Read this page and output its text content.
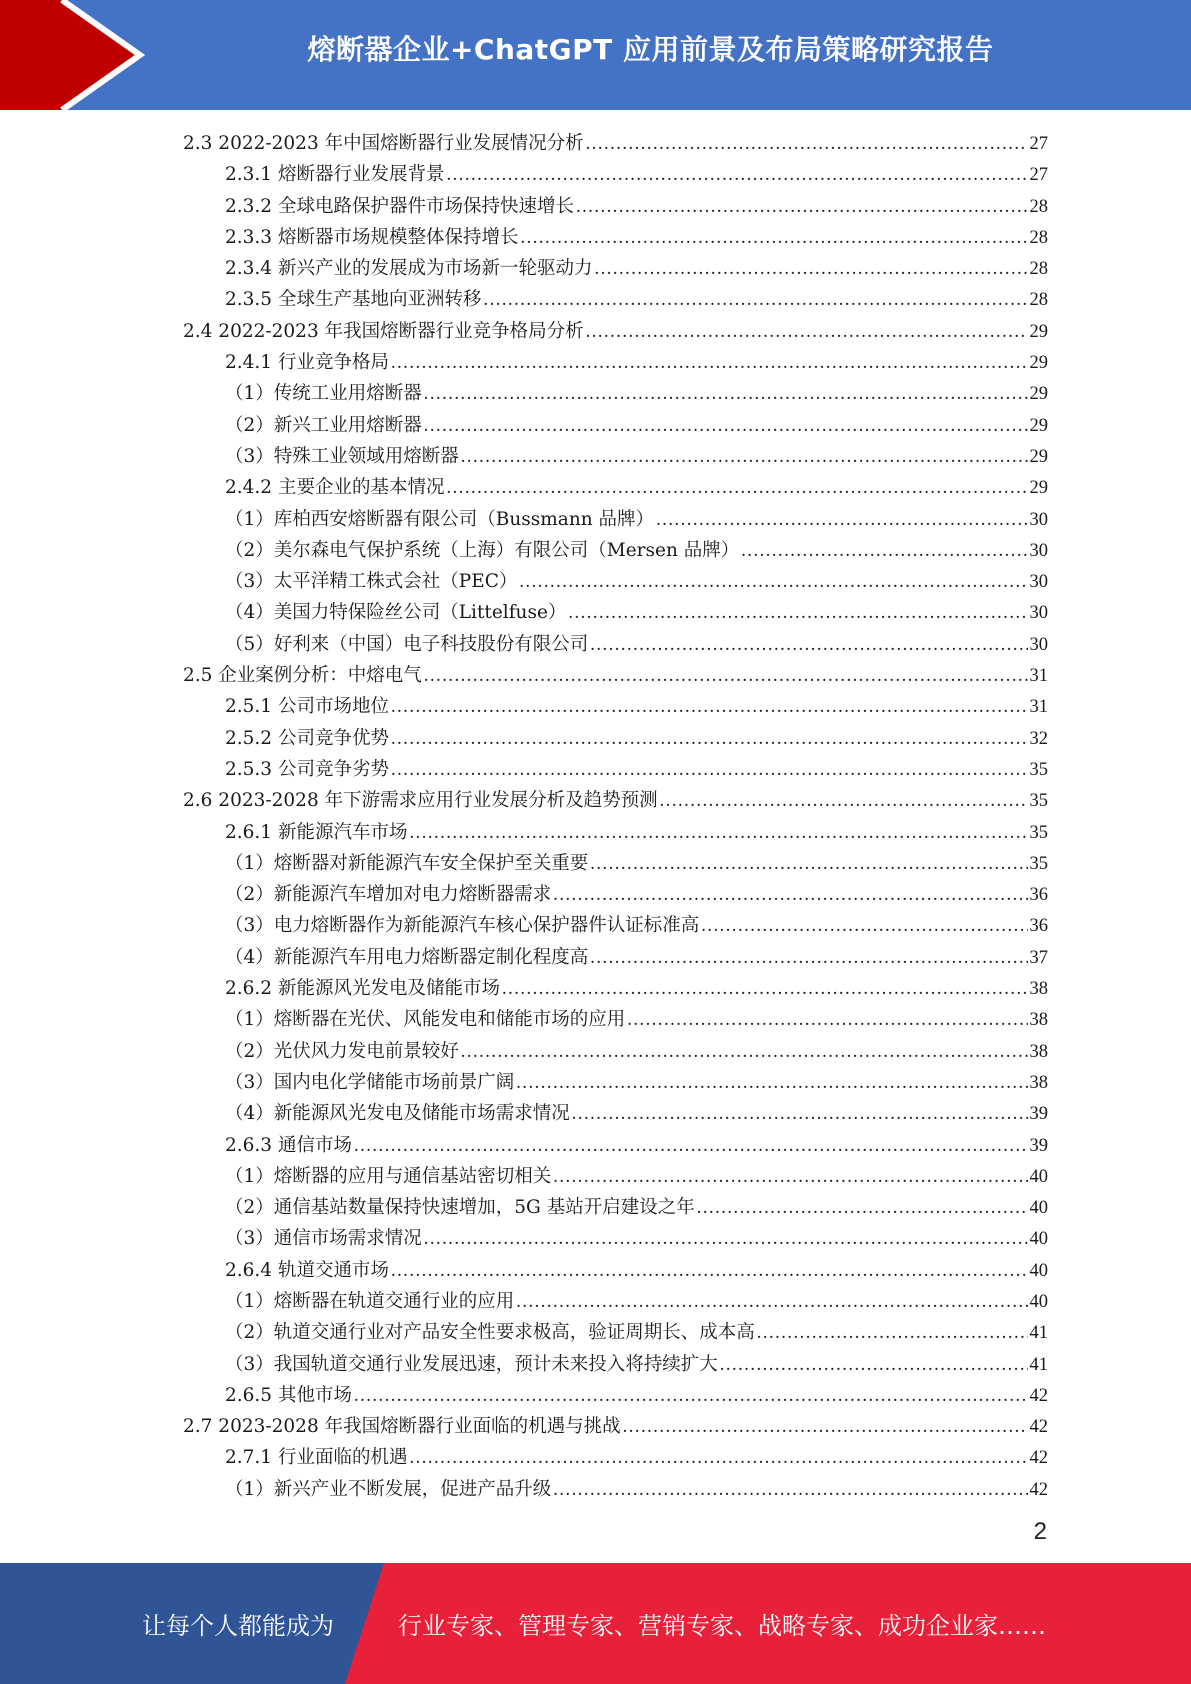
熔断器企业+ChatGPT 应用前景及布局策略研究报告
2.3 2022-2023 年中国熔断器行业发展情况分析 .....	27
2.3.1 熔断器行业发展背景 .....	27
2.3.2 全球电路保护器件市场保持快速增长 .....	28
2.3.3 熔断器市场规模整体保持增长 .....	28
2.3.4 新兴产业的发展成为市场新一轮驱动力 .....	28
2.3.5 全球生产基地向亚洲转移 .....	28
2.4 2022-2023 年我国熔断器行业竞争格局分析 .....	29
2.4.1 行业竞争格局 .....	29
（1）传统工业用熔断器 .....	29
（2）新兴工业用熔断器 .....	29
（3）特殊工业领域用熔断器 .....	29
2.4.2 主要企业的基本情况 .....	29
（1）库柏西安熔断器有限公司（Bussmann 品牌） .....	30
（2）美尔森电气保护系统（上海）有限公司（Mersen 品牌） .....	30
（3）太平洋精工株式会社（PEC） .....	30
（4）美国力特保险丝公司（Littelfuse） .....	30
（5）好利来（中国）电子科技股份有限公司 .....	30
2.5 企业案例分析：中熔电气 .....	31
2.5.1 公司市场地位 .....	31
2.5.2 公司竞争优势 .....	32
2.5.3 公司竞争劣势 .....	35
2.6 2023-2028 年下游需求应用行业发展分析及趋势预测 .....	35
2.6.1 新能源汽车市场 .....	35
（1）熔断器对新能源汽车安全保护至关重要 .....	35
（2）新能源汽车增加对电力熔断器需求 .....	36
（3）电力熔断器作为新能源汽车核心保护器件认证标准高 .....	36
（4）新能源汽车用电力熔断器定制化程度高 .....	37
2.6.2 新能源风光发电及储能市场 .....	38
（1）熔断器在光伏、风能发电和储能市场的应用 .....	38
（2）光伏风力发电前景较好 .....	38
（3）国内电化学储能市场前景广阔 .....	38
（4）新能源风光发电及储能市场需求情况 .....	39
2.6.3 通信市场 .....	39
（1）熔断器的应用与通信基站密切相关 .....	40
（2）通信基站数量保持快速增加，5G 基站开启建设之年 .....	40
（3）通信市场需求情况 .....	40
2.6.4 轨道交通市场 .....	40
（1）熔断器在轨道交通行业的应用 .....	40
（2）轨道交通行业对产品安全性要求极高，验证周期长、成本高 .....	41
（3）我国轨道交通行业发展迅速，预计未来投入将持续扩大 .....	41
2.6.5 其他市场 .....	42
2.7 2023-2028 年我国熔断器行业面临的机遇与挑战 .....	42
2.7.1 行业面临的机遇 .....	42
（1）新兴产业不断发展，促进产品升级 .....	42
2
让每个人都能成为	行业专家、管理专家、营销专家、战略专家、成功企业家……
